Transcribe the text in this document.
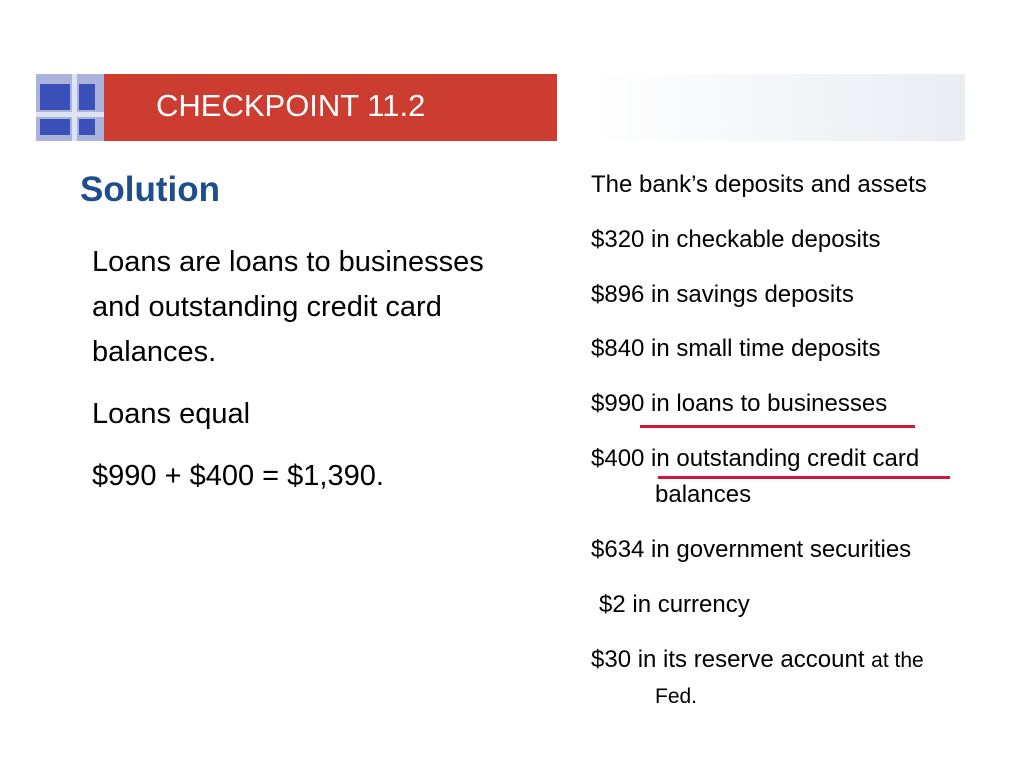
CHECKPOINT 11.2
Solution

Loans are loans to businesses and outstanding credit card balances.

Loans equal

$990 + $400 = $1,390.

The bank’s deposits and assets
$320 in checkable deposits
$896 in savings deposits
$840 in small time deposits
$990 in loans to businesses
$400 in outstanding credit card
balances
$634 in government securities
$2 in currency
$30 in its reserve account at the
Fed.
